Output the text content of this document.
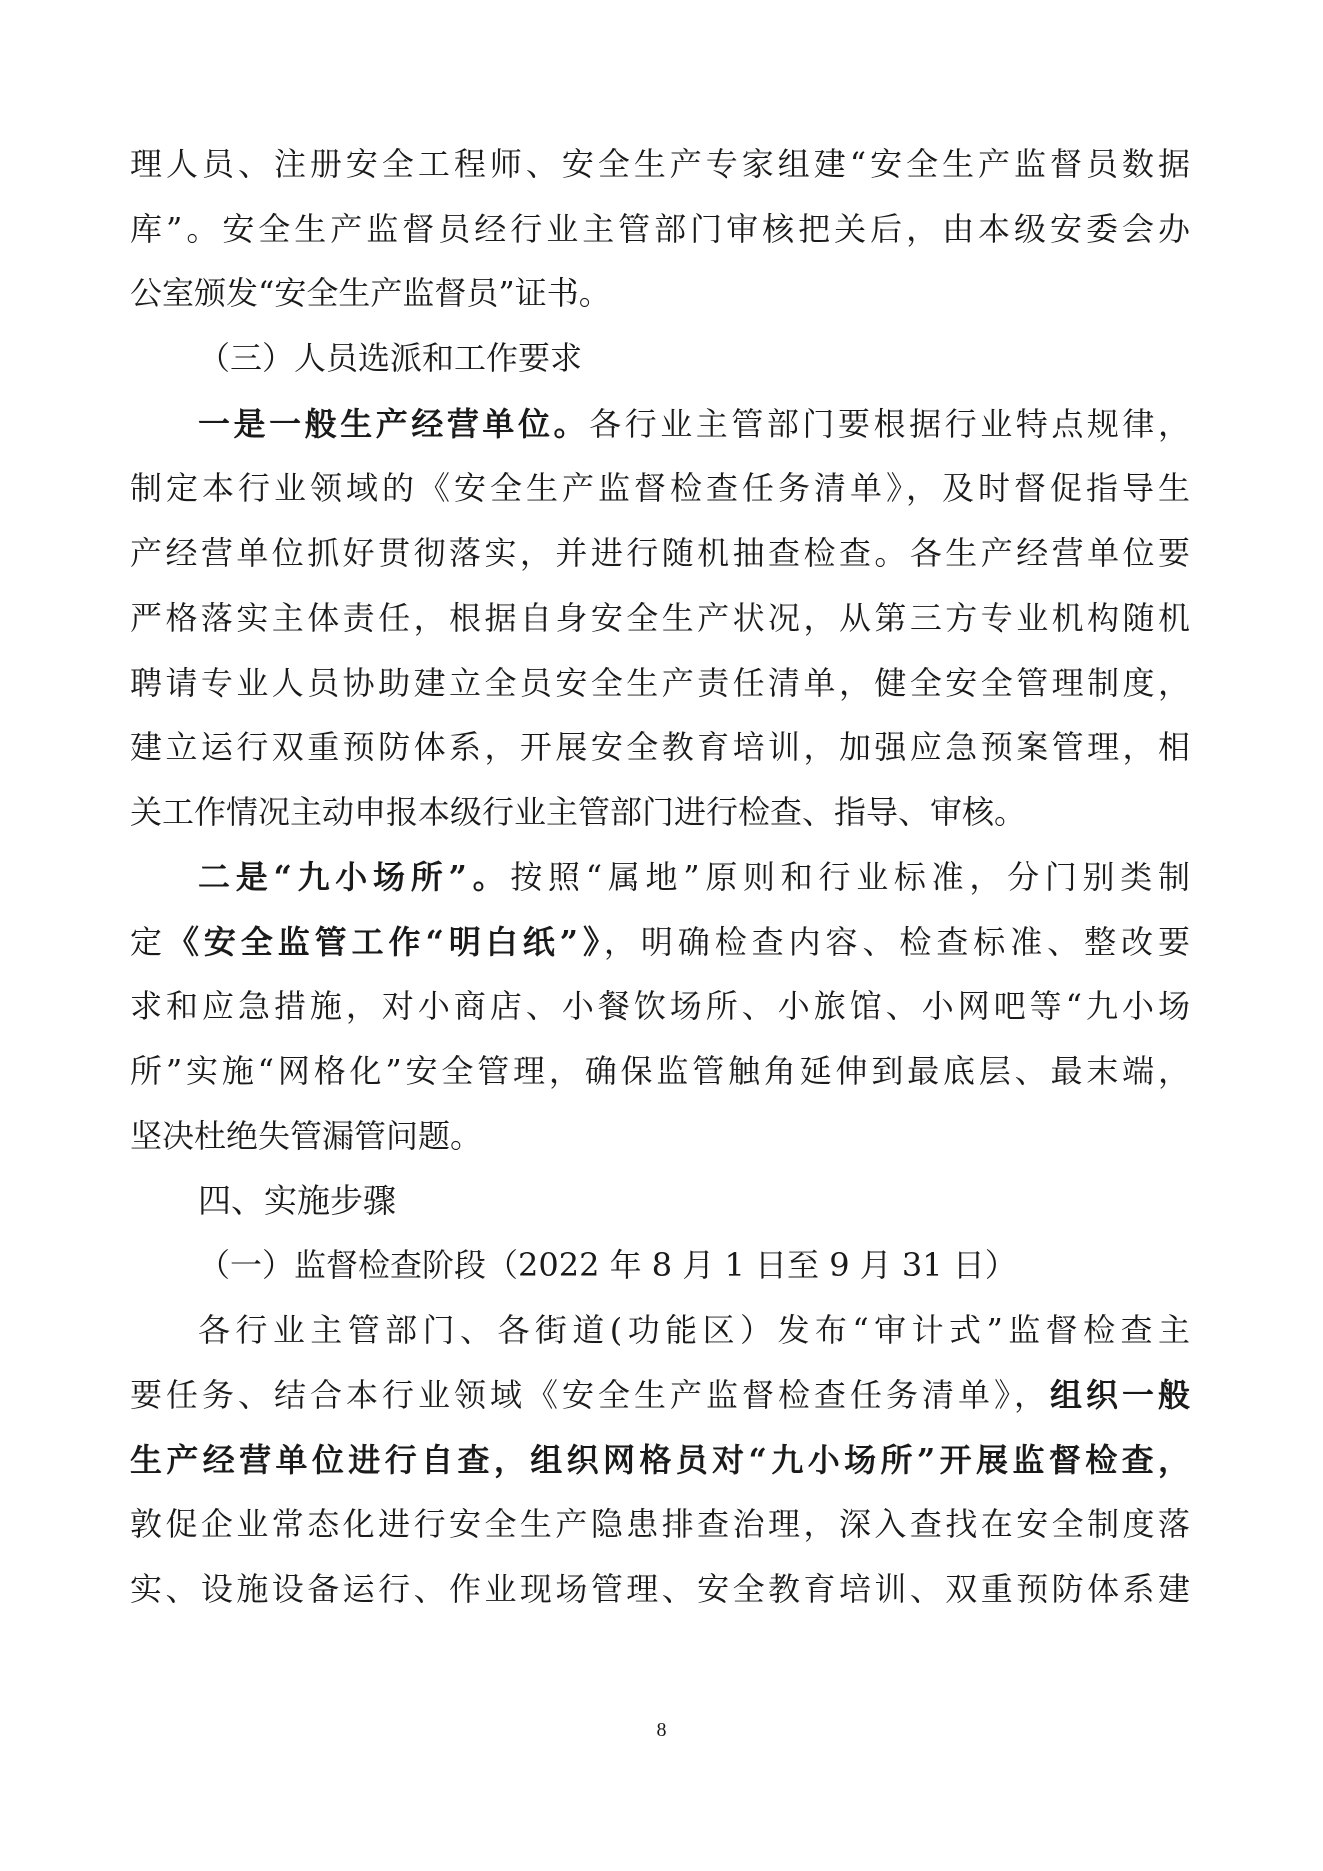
理人员、注册安全工程师、安全生产专家组建“安全生产监督员数据
库”。安全生产监督员经行业主管部门审核把关后，由本级安委会办
公室颁发“安全生产监督员”证书。
（三）人员选派和工作要求
一是一般生产经营单位。各行业主管部门要根据行业特点规律，
制定本行业领域的《安全生产监督检查任务清单》，及时督促指导生
产经营单位抓好贯彻落实，并进行随机抽查检查。各生产经营单位要
严格落实主体责任，根据自身安全生产状况，从第三方专业机构随机
聘请专业人员协助建立全员安全生产责任清单，健全安全管理制度，
建立运行双重预防体系，开展安全教育培训，加强应急预案管理，相
关工作情况主动申报本级行业主管部门进行检查、指导、审核。
二是“九小场所”。按照“属地”原则和行业标准，分门别类制
定《安全监管工作“明白纸”》，明确检查内容、检查标准、整改要
求和应急措施，对小商店、小餐饮场所、小旅馆、小网吧等“九小场
所”实施“网格化”安全管理，确保监管触角延伸到最底层、最末端，
坚决杜绝失管漏管问题。
四、实施步骤
（一）监督检查阶段（2022 年 8 月 1 日至 9 月 31 日）
各行业主管部门、各街道(功能区）发布“审计式”监督检查主
要任务、结合本行业领域《安全生产监督检查任务清单》，组织一般
生产经营单位进行自查，组织网格员对“九小场所”开展监督检查，
敦促企业常态化进行安全生产隐患排查治理，深入查找在安全制度落
实、设施设备运行、作业现场管理、安全教育培训、双重预防体系建
8
